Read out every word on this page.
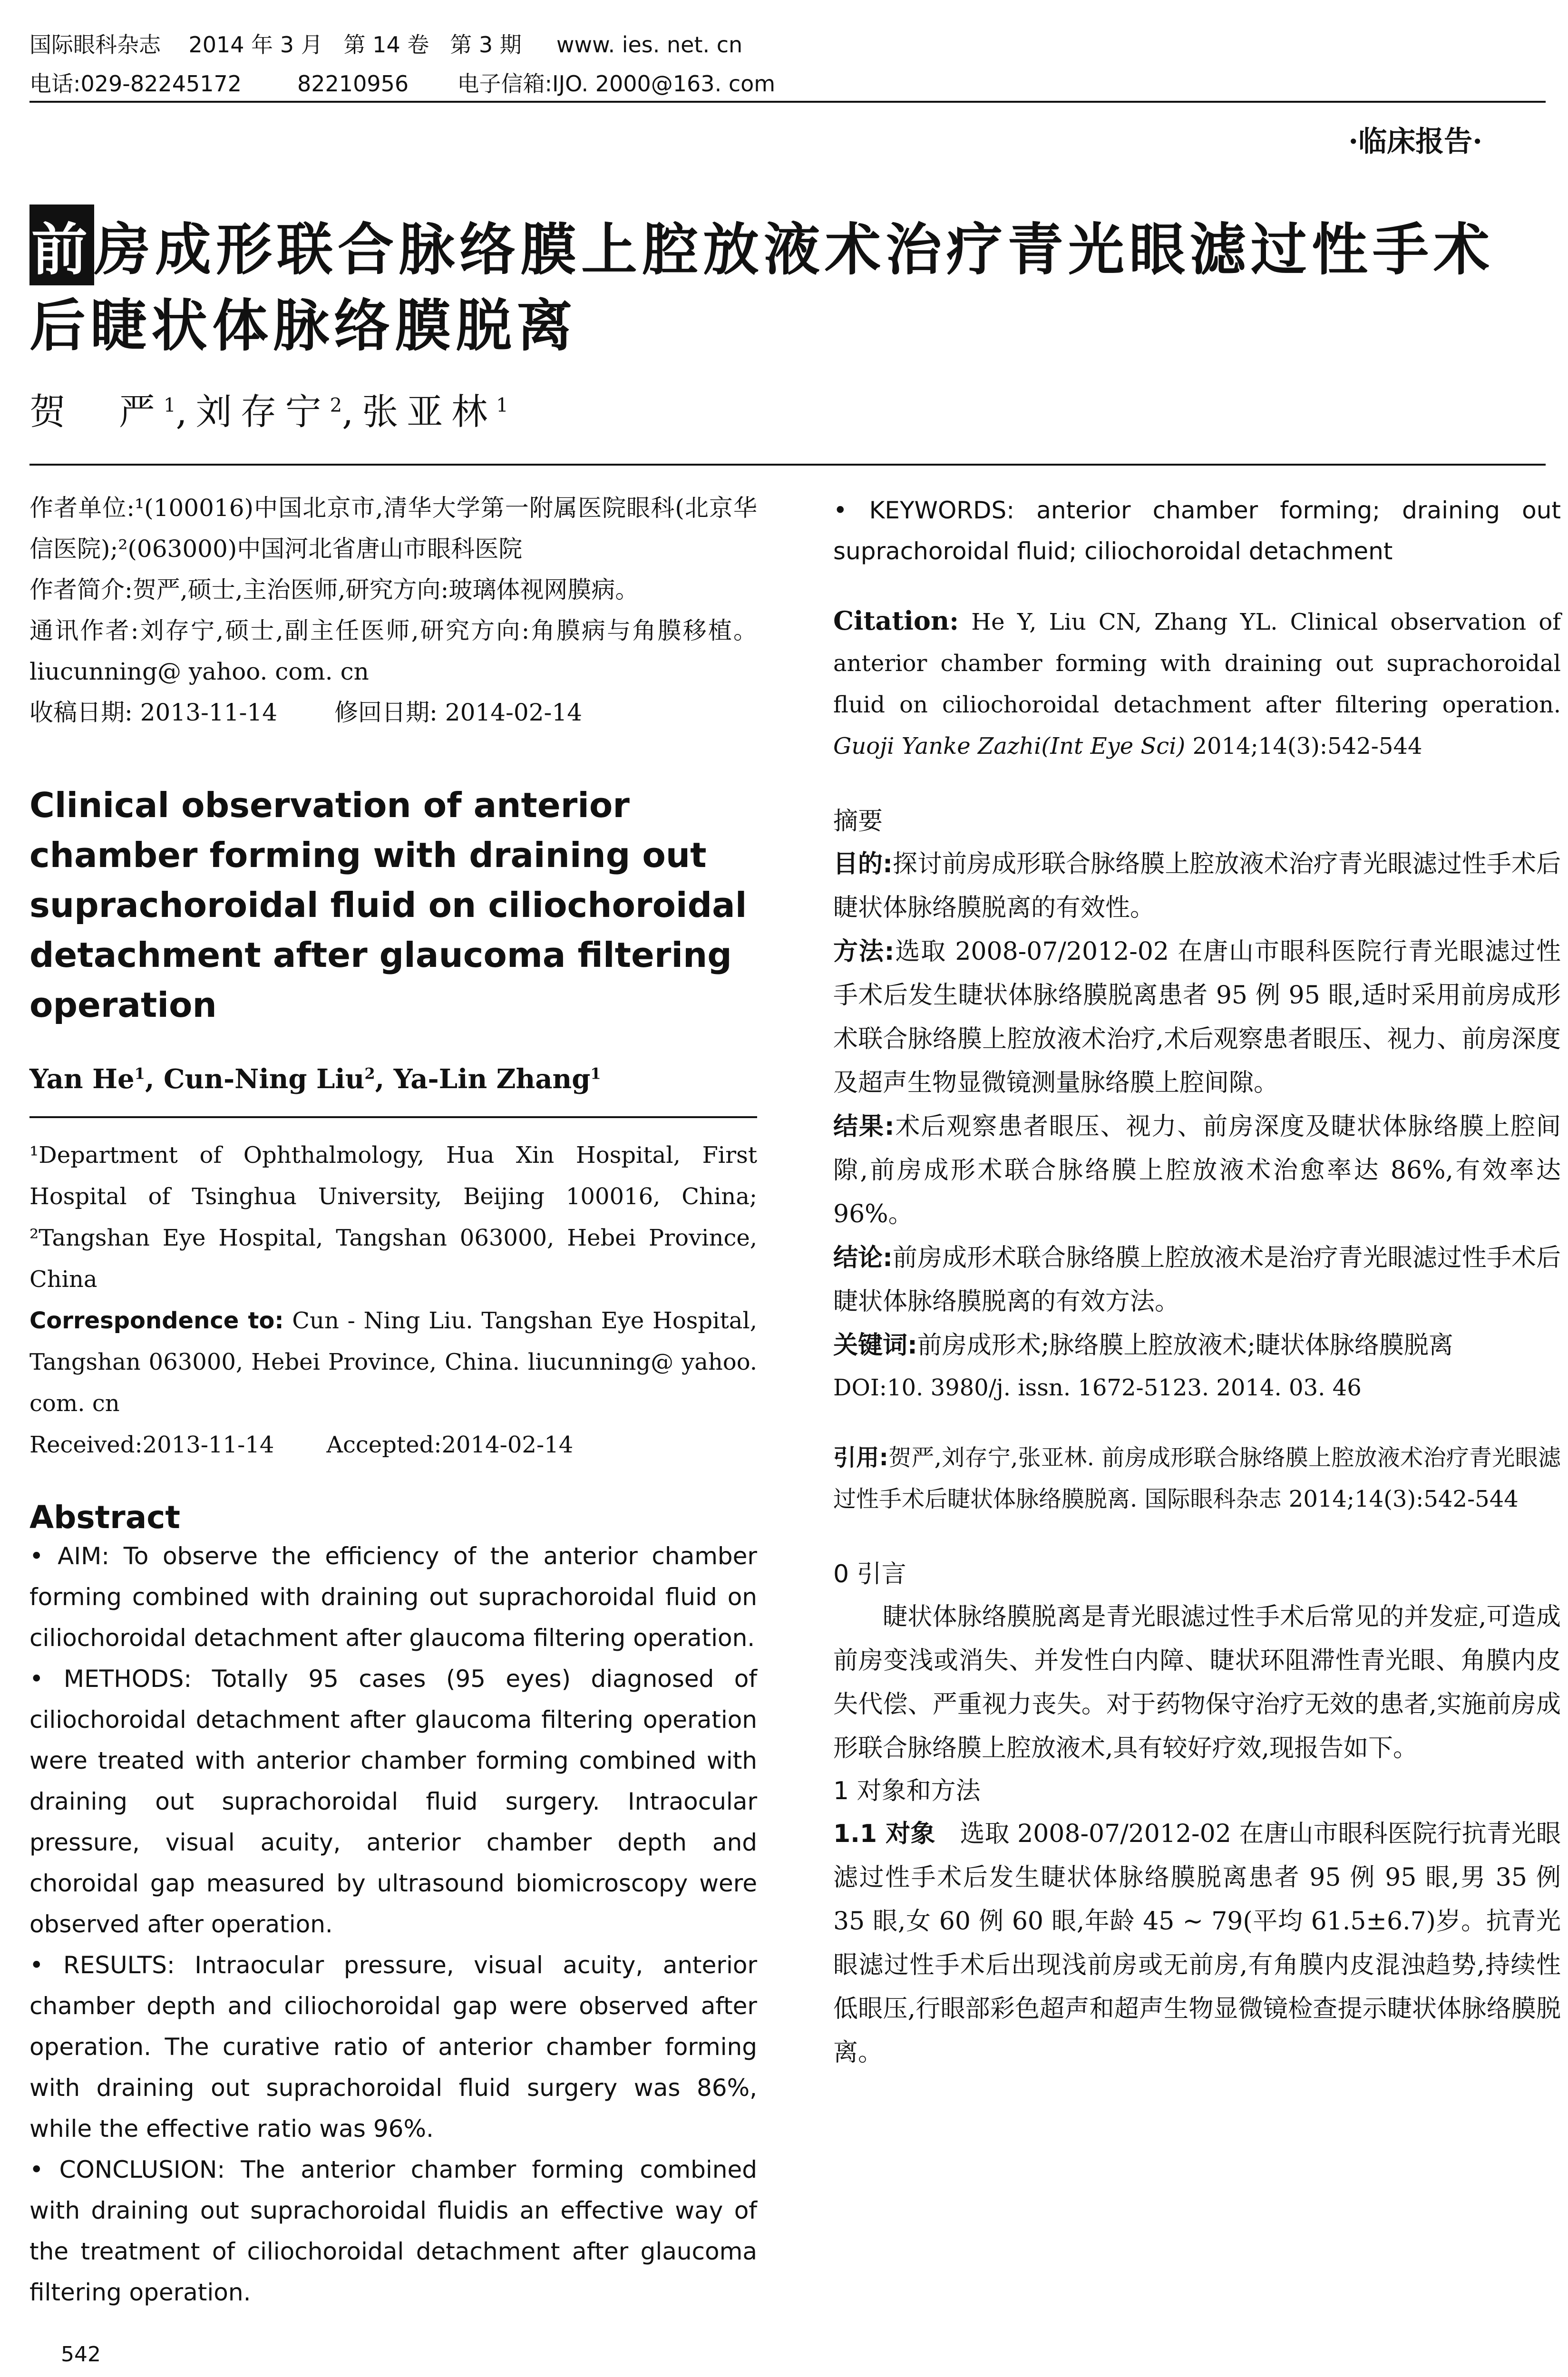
国际眼科杂志    2014 年 3 月   第 14 卷   第 3 期     www. ies. net. cn
电话:029-82245172        82210956       电子信箱:IJO. 2000@163. com
·临床报告·
前房成形联合脉络膜上腔放液术治疗青光眼滤过性手术
后睫状体脉络膜脱离
贺　严$^1$,刘存宁$^2$,张亚林$^1$

作者单位:¹(100016)中国北京市,清华大学第一附属医院眼科(北京华信医院);²(063000)中国河北省唐山市眼科医院

作者简介:贺严,硕士,主治医师,研究方向:玻璃体视网膜病。

通讯作者:刘存宁,硕士,副主任医师,研究方向:角膜病与角膜移植。liucunning@ yahoo. com. cn

收稿日期: 2013-11-14 修回日期: 2014-02-14

Clinical observation of anterior chamber forming with draining out suprachoroidal fluid on ciliochoroidal detachment after glaucoma filtering operation

Yan He$^1$, Cun-Ning Liu$^2$, Ya-Lin Zhang$^1$

¹Department of Ophthalmology, Hua Xin Hospital, First Hospital of Tsinghua University, Beijing 100016, China; ²Tangshan Eye Hospital, Tangshan 063000, Hebei Province, China

Correspondence to: Cun - Ning Liu. Tangshan Eye Hospital, Tangshan 063000, Hebei Province, China. liucunning@ yahoo. com. cn

Received:2013-11-14 Accepted:2014-02-14

Abstract

• AIM: To observe the efficiency of the anterior chamber forming combined with draining out suprachoroidal fluid on ciliochoroidal detachment after glaucoma filtering operation.

• METHODS: Totally 95 cases (95 eyes) diagnosed of ciliochoroidal detachment after glaucoma filtering operation were treated with anterior chamber forming combined with draining out suprachoroidal fluid surgery. Intraocular pressure, visual acuity, anterior chamber depth and choroidal gap measured by ultrasound biomicroscopy were observed after operation.

• RESULTS: Intraocular pressure, visual acuity, anterior chamber depth and ciliochoroidal gap were observed after operation. The curative ratio of anterior chamber forming with draining out suprachoroidal fluid surgery was 86%, while the effective ratio was 96%.

• CONCLUSION: The anterior chamber forming combined with draining out suprachoroidal fluidis an effective way of the treatment of ciliochoroidal detachment after glaucoma filtering operation.

• KEYWORDS: anterior chamber forming; draining out suprachoroidal fluid; ciliochoroidal detachment

Citation: He Y, Liu CN, Zhang YL. Clinical observation of anterior chamber forming with draining out suprachoroidal fluid on ciliochoroidal detachment after filtering operation. Guoji Yanke Zazhi(Int Eye Sci) 2014;14(3):542-544

摘要

目的:探讨前房成形联合脉络膜上腔放液术治疗青光眼滤过性手术后睫状体脉络膜脱离的有效性。

方法:选取 2008-07/2012-02 在唐山市眼科医院行青光眼滤过性手术后发生睫状体脉络膜脱离患者 95 例 95 眼,适时采用前房成形术联合脉络膜上腔放液术治疗,术后观察患者眼压、视力、前房深度及超声生物显微镜测量脉络膜上腔间隙。

结果:术后观察患者眼压、视力、前房深度及睫状体脉络膜上腔间隙,前房成形术联合脉络膜上腔放液术治愈率达 86%,有效率达 96%。

结论:前房成形术联合脉络膜上腔放液术是治疗青光眼滤过性手术后睫状体脉络膜脱离的有效方法。

关键词:前房成形术;脉络膜上腔放液术;睫状体脉络膜脱离

DOI:10. 3980/j. issn. 1672-5123. 2014. 03. 46

引用:贺严,刘存宁,张亚林. 前房成形联合脉络膜上腔放液术治疗青光眼滤过性手术后睫状体脉络膜脱离. 国际眼科杂志 2014;14(3):542-544

0 引言

睫状体脉络膜脱离是青光眼滤过性手术后常见的并发症,可造成前房变浅或消失、并发性白内障、睫状环阻滞性青光眼、角膜内皮失代偿、严重视力丧失。对于药物保守治疗无效的患者,实施前房成形联合脉络膜上腔放液术,具有较好疗效,现报告如下。

1 对象和方法

1.1 对象　选取 2008-07/2012-02 在唐山市眼科医院行抗青光眼滤过性手术后发生睫状体脉络膜脱离患者 95 例 95 眼,男 35 例 35 眼,女 60 例 60 眼,年龄 45 ~ 79(平均 61.5±6.7)岁。抗青光眼滤过性手术后出现浅前房或无前房,有角膜内皮混浊趋势,持续性低眼压,行眼部彩色超声和超声生物显微镜检查提示睫状体脉络膜脱离。

542
